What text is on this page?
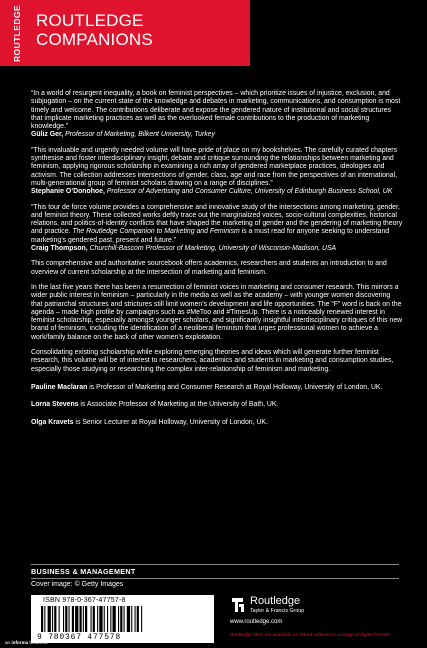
ROUTLEDGE ROUTLEDGE
COMPANIONS

“In a world of resurgent inequality, a book on feminist perspectives – which prioritize issues of injustice, exclusion, and subjugation – on the current state of the knowledge and debates in marketing, communications, and consumption is most timely and welcome. The contributions deliberate and expose the gendered nature of institutional and social structures that implicate marketing practices as well as the overlooked female contributions to the production of marketing knowledge.”

Güliz Ger, Professor of Marketing, Bilkent University, Turkey

“This invaluable and urgently needed volume will have pride of place on my bookshelves. The carefully curated chapters synthesise and foster interdisciplinary insight, debate and critique surrounding the relationships between marketing and feminism, applying rigorous scholarship in examining a rich array of gendered marketplace practices, ideologies and activism. The collection addresses intersections of gender, class, age and race from the perspectives of an international, multi-generational group of feminist scholars drawing on a range of disciplines.”

Stephanie O’Donohoe, Professor of Advertising and Consumer Culture, University of Edinburgh Business School, UK

“This tour de force volume provides a comprehensive and innovative study of the intersections among marketing, gender, and feminist theory. These collected works deftly trace out the marginalized voices, socio-cultural complexities, historical relations, and politics-of-identity conflicts that have shaped the marketing of gender and the gendering of marketing theory and practice. The Routledge Companion to Marketing and Feminism is a must read for anyone seeking to understand marketing’s gendered past, present and future.”

Craig Thompson, Churchill-Bascom Professor of Marketing, University of Wisconsin-Madison, USA

This comprehensive and authoritative sourcebook offers academics, researchers and students an introduction to and overview of current scholarship at the intersection of marketing and feminism.

In the last five years there has been a resurrection of feminist voices in marketing and consumer research. This mirrors a wider public interest in feminism – particularly in the media as well as the academy – with younger women discovering that patriarchal structures and strictures still limit women’s development and life opportunities. The “F” word is back on the agenda – made high profile by campaigns such as #MeToo and #TimesUp. There is a noticeably renewed interest in feminist scholarship, especially amongst younger scholars, and significantly insightful interdisciplinary critiques of this new brand of feminism, including the identification of a neoliberal feminism that urges professional women to achieve a work/family balance on the back of other women’s exploitation.

Consolidating existing scholarship while exploring emerging theories and ideas which will generate further feminist research, this volume will be of interest to researchers, academics and students in marketing and consumption studies, especially those studying or researching the complex inter-relationship of feminism and marketing.

Pauline Maclaran is Professor of Marketing and Consumer Research at Royal Holloway, University of London, UK.

Lorna Stevens is Associate Professor of Marketing at the University of Bath, UK.

Olga Kravets is Senior Lecturer at Royal Holloway, University of London, UK.

BUSINESS & MANAGEMENT
Cover image: © Getty Images
ISBN 978-0-367-47757-8
9 780367 477578
Routledge
Taylor & Francis Group
www.routledge.com
Routledge titles are available as eBook editions in a range of digital formats
an informa business
